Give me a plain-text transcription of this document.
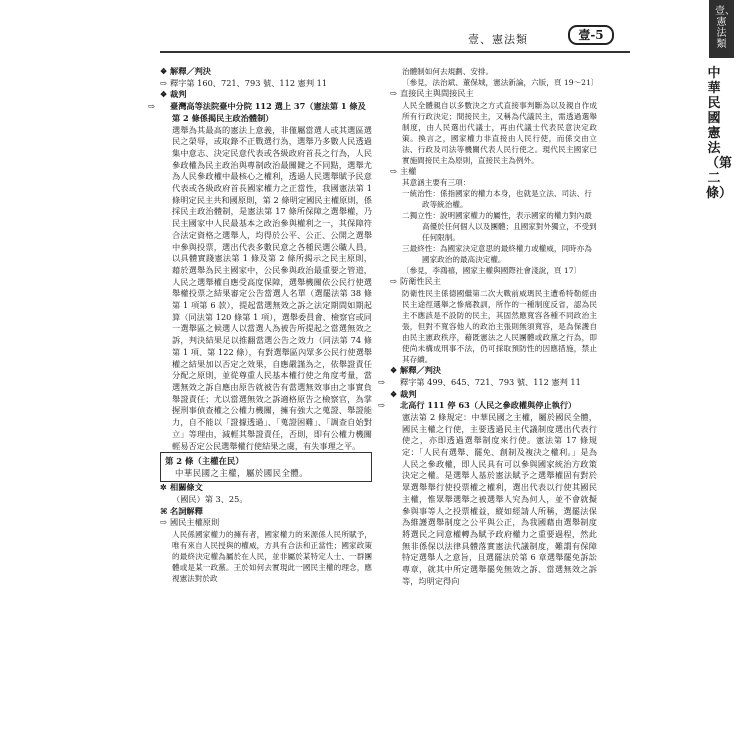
壹、憲法類	壹-5
壹、憲法類
中華民國憲法（第二條）
❖ 解釋／判決
⇨ 釋字第 160、721、793 號、112 憲判 11
❖ 裁判
⇨ 臺灣高等法院臺中分院 112 選上 37（憲法第 1 條及第 2 條係揭民主政治體制）
選舉為其最高的憲法上意義，非僅屬當選人或其選區選民之榮辱，或取錄不正戰選行為，選舉乃多數人民透過集中意志、決定民意代表或各級政府首長之行為，人民參政權為民主政治與專制政治最關鍵之不同點，選舉尤為人民參政權中最核心之權利，透過人民選舉賦予民意代表或各級政府首長國家權力之正當性，我國憲法第 1 條明定民主共和國原則，第 2 條明定國民主權原則，係採民主政治體制，是憲法第 17 條所保障之選舉權，乃民主國家中人民最基本之政治參與權利之一，其保障符合法定資格之選舉人，均得於公平、公正、公開之選舉中參與投票，選出代表多數民意之各種民選公職人員，以具體實踐憲法第 1 條及第 2 條所揭示之民主原則，藉於選舉為民主國家中，公民參與政治最重要之管道，人民之選舉權自應受高度保障，選舉機關依公民行使選舉權投票之結果審定公告當選人名單（選罷法第 38 條第 1 項第 6 款），提起當選無效之訴之法定期間如期起算（同法第 120 條第 1 項），選舉委員會、檢察官或同一選舉區之候選人以當選人為被告所提起之當選無效之訴，判決結果足以推翻當選公告之效力（同法第 74 條第 1 項、第 122 條），有對選舉區內眾多公民行使選舉權之結果加以否定之效果，自應嚴謹為之，依舉證責任分配之原則，並從尊重人民基本權行使之角度考量，當選無效之訴自應由原告就被告有當選無效事由之事實負舉證責任；尤以當選無效之訴適格原告之檢察官，為掌握刑事偵查權之公權力機關，擁有強大之蒐證、舉證能力，自不能以「證據透過」、「蒐證困難」、「調查自始對立」等理由，減輕其舉證責任，否則，即有公權力機關輕易否定公民選舉權行使結果之虞，有失事理之平。
第 2 條（主權在民）
中華民國之主權，屬於國民全體。
✲ 相關條文
（國民）第 3、25。
⌘ 名詞解釋
⇨ 國民主權原則
人民係國家權力的擁有者，國家權力的來源係人民所賦予，唯有來自人民授與的權威，方具有合法和正當性；國家政策的最終決定權為屬於在人民，並非屬於某特定人士、一群團體或是某一政黨。王於如何去實現此一國民主權的理念，應視憲法對於政
治體制如何去規劃、安排。
〔參見，法治斌、董保城，憲法新論，六版，頁 19～21〕
⇨ 直接民主與間接民主
人民全體親自以多數決之方式直接事判斷為以及親自作成所有行政決定；間接民主，又稱為代議民主，需透過選舉制度，由人民選出代議士，再由代議士代表民意決定政策。換言之，國家權力非直接由人民行使，而係交由立法、行政及司法等機關代表人民行使之。現代民主國家已實施間接民主為原則，直接民主為例外。
⇨ 主權
其意涵主要有三項：
一統治性：係指國家的權力本身，也就是立法、司法、行政等統治權。
二獨立性：說明國家權力的屬性，表示國家的權力對內最高優於任何個人以及團體；且國家對外獨立，不受到任何限制。
三最終性：為國家決定意思的最終權力或權威，同時亦為國家政治的最高決定權。
〔參見，李鴻禧，國家主權與國際社會淺說，頁 17〕
⇨ 防衛性民主
防衛性民主係德國繼第二次大戰前威瑪民主遭希特勒經由民主途徑選舉之慘痛教訓，所作的一種制度反省，認為民主不應該是不設防的民主，其固然應寬容各種不同政治主張，但對不寬容他人的政治主張則無須寬容，是為保護自由民主憲政秩序，藉既憲法之人民團體或政黨之行為，即使尚未構成刑事不法，仍可採取預防性的因應措施，禁止其存續。
❖ 解釋／判決
⇨ 釋字第 499、645、721、793 號、112 憲判 11
❖ 裁判
⇨ 北高行 111 停 63（人民之參政權與停止執行）
憲法第 2 條規定：中華民國之主權，屬於國民全體，國民主權之行使，主要透過民主代議制度選出代表行使之，亦即透過選舉制度來行使。憲法第 17 條規定：「人民有選舉、罷免、創制及複決之權利。」是為人民之參政權，即人民具有可以參與國家統治方政策決定之權。是選舉人基於憲法賦予之選舉權固有對於眾選舉舉行使投票權之權利，選出代表以行使其國民主權，惟眾舉選舉之被選舉人究為何人，並不會就擬參與事等人之投票權益，縱如經請人所稱，選罷法保為維護選舉制度之公平與公正，為我國藉由選舉制度將選民之同意權轉為賦予政府權力之重要過程，然此無非係保以法律具體落實憲法代議制度，難謂有保障特定選舉人之意旨，且選罷法於第 6 章選舉罷免訴訟專章，就其中所定選舉罷免無效之訴、當選無效之訴等，均明定得向
